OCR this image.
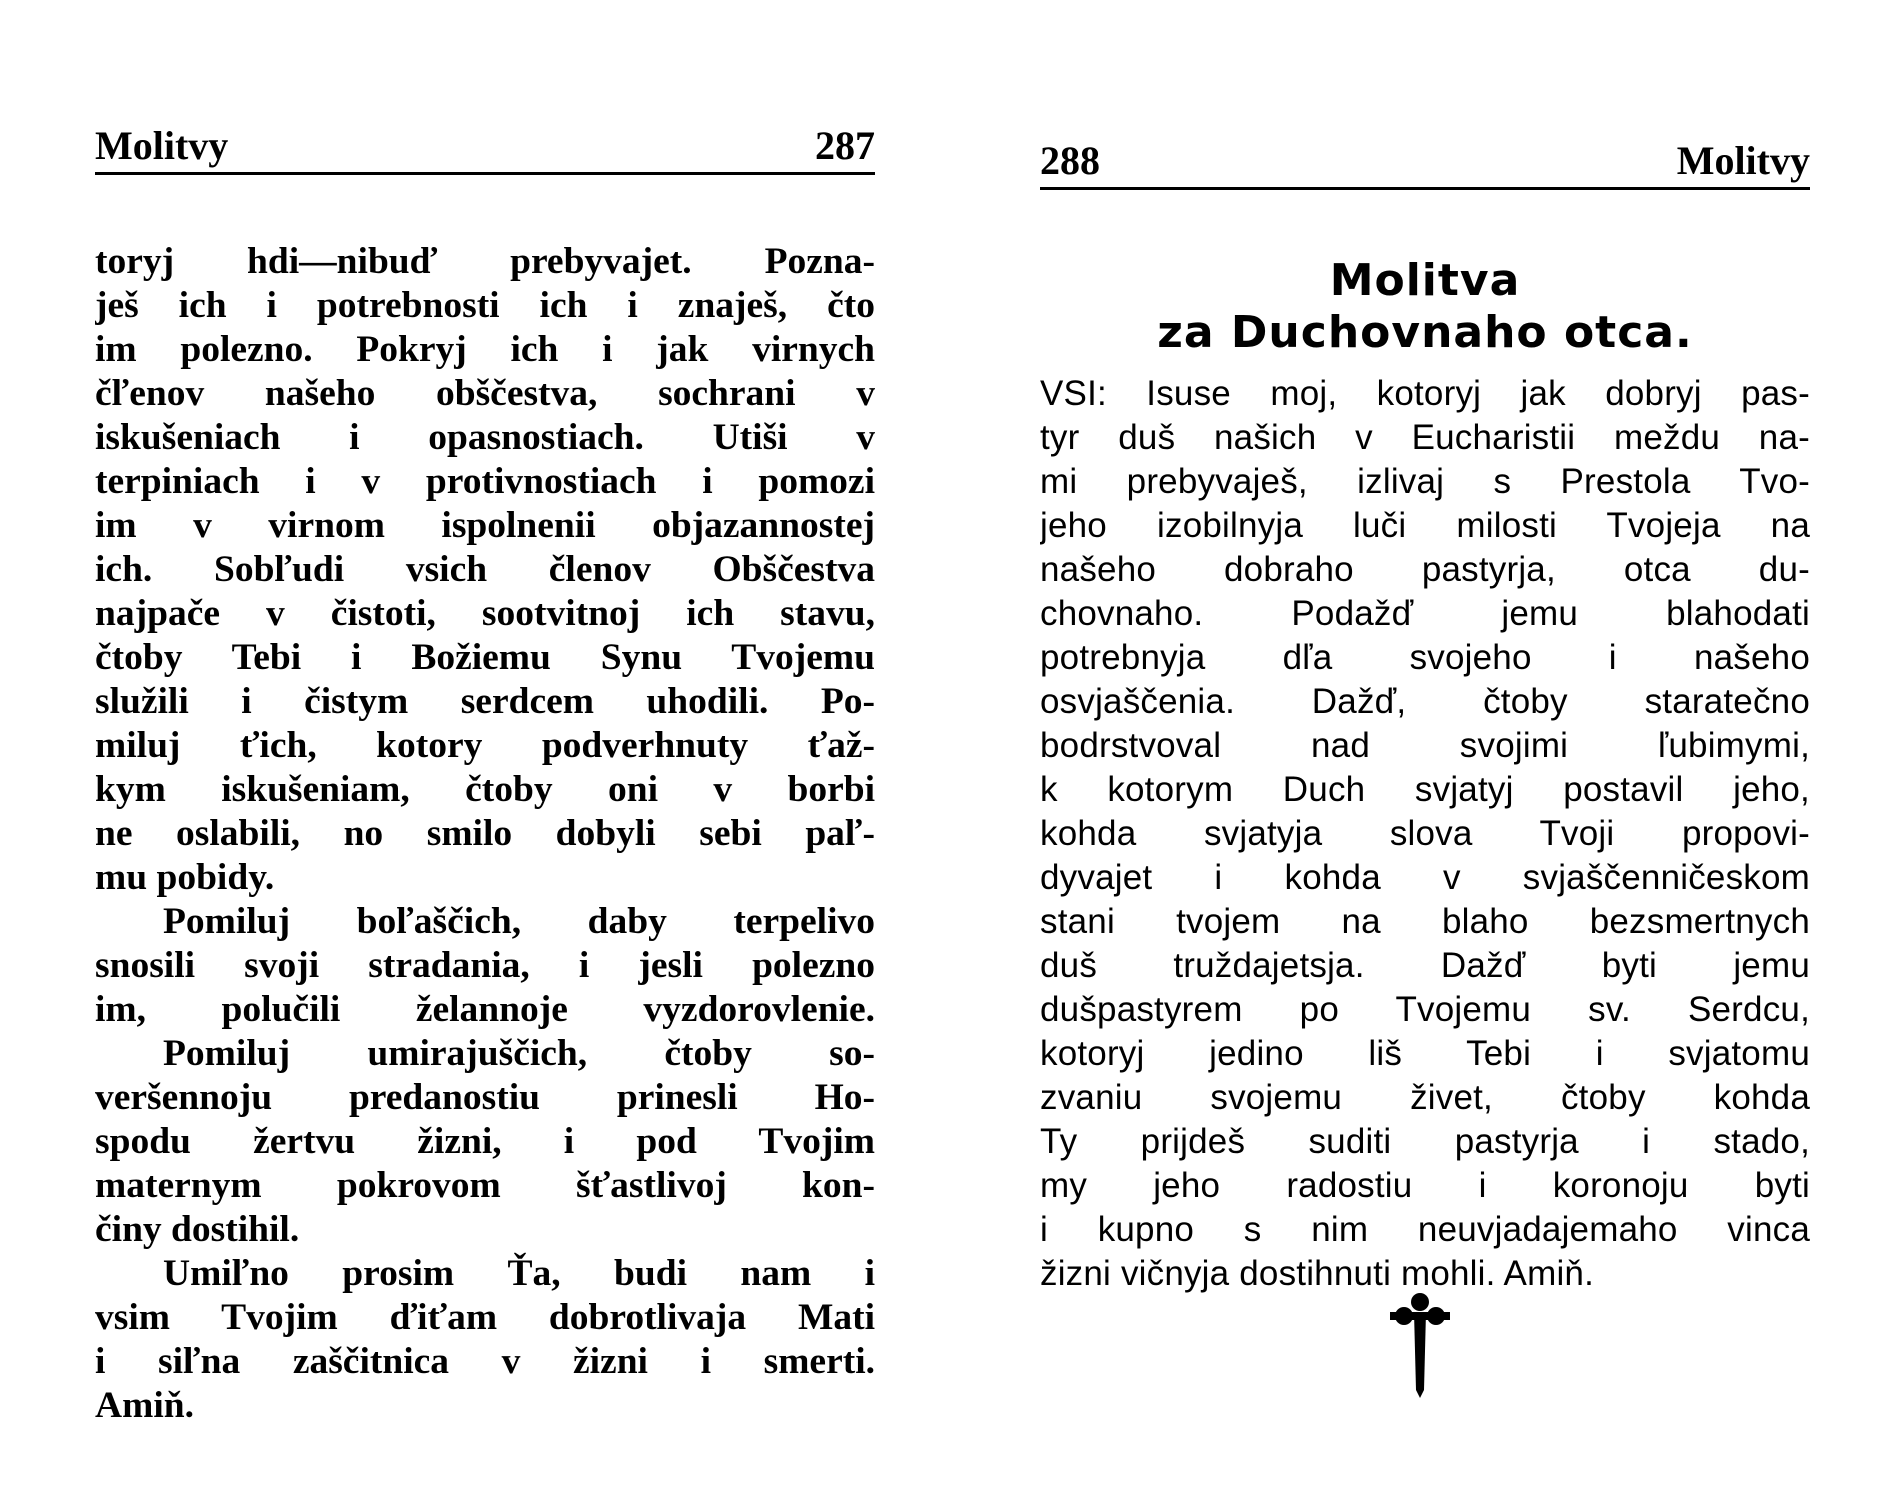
Molitvy	287
toryj hdi—nibuď prebyvajet. Pozna-
ješ ich i potrebnosti ich i znaješ, čto
im polezno. Pokryj ich i jak virnych
čľenov našeho obščestva, sochrani v
iskušeniach i opasnostiach. Utiši v
terpiniach i v protivnostiach i pomozi
im v virnom ispolnenii objazannostej
ich. Sobľudi vsich členov Obščestva
najpače v čistoti, sootvitnoj ich stavu,
čtoby Tebi i Božiemu Synu Tvojemu
služili i čistym serdcem uhodili. Po-
miluj ťich, kotory podverhnuty ťaž-
kym iskušeniam, čtoby oni v borbi
ne oslabili, no smilo dobyli sebi paľ-
mu pobidy.
Pomiluj boľaščich, daby terpelivo
snosili svoji stradania, i jesli polezno
im, polučili želannoje vyzdorovlenie.
Pomiluj umirajuščich, čtoby so-
veršennoju predanostiu prinesli Ho-
spodu žertvu žizni, i pod Tvojim
maternym pokrovom šťastlivoj kon-
činy dostihil.
Umiľno prosim Ťa, budi nam i
vsim Tvojim ďiťam dobrotlivaja Mati
i siľna zaščitnica v žizni i smerti.
Amiň.
288	Molitvy
Molitva
za Duchovnaho otca.
VSI: Isuse moj, kotoryj jak dobryj pas-
tyr duš našich v Eucharistii meždu na-
mi prebyvaješ, izlivaj s Prestola Tvo-
jeho izobilnyja luči milosti Tvojeja na
našeho dobraho pastyrja, otca du-
chovnaho. Podažď jemu blahodati
potrebnyja dľa svojeho i našeho
osvjaščenia. Dažď, čtoby staratečno
bodrstvoval nad svojimi ľubimymi,
k kotorym Duch svjatyj postavil jeho,
kohda svjatyja slova Tvoji propovi-
dyvajet i kohda v svjaščenničeskom
stani tvojem na blaho bezsmertnych
duš truždajetsja. Dažď byti jemu
dušpastyrem po Tvojemu sv. Serdcu,
kotoryj jedino liš Tebi i svjatomu
zvaniu svojemu živet, čtoby kohda
Ty prijdeš suditi pastyrja i stado,
my jeho radostiu i koronoju byti
i kupno s nim neuvjadajemaho vinca
žizni vičnyja dostihnuti mohli. Amiň.
